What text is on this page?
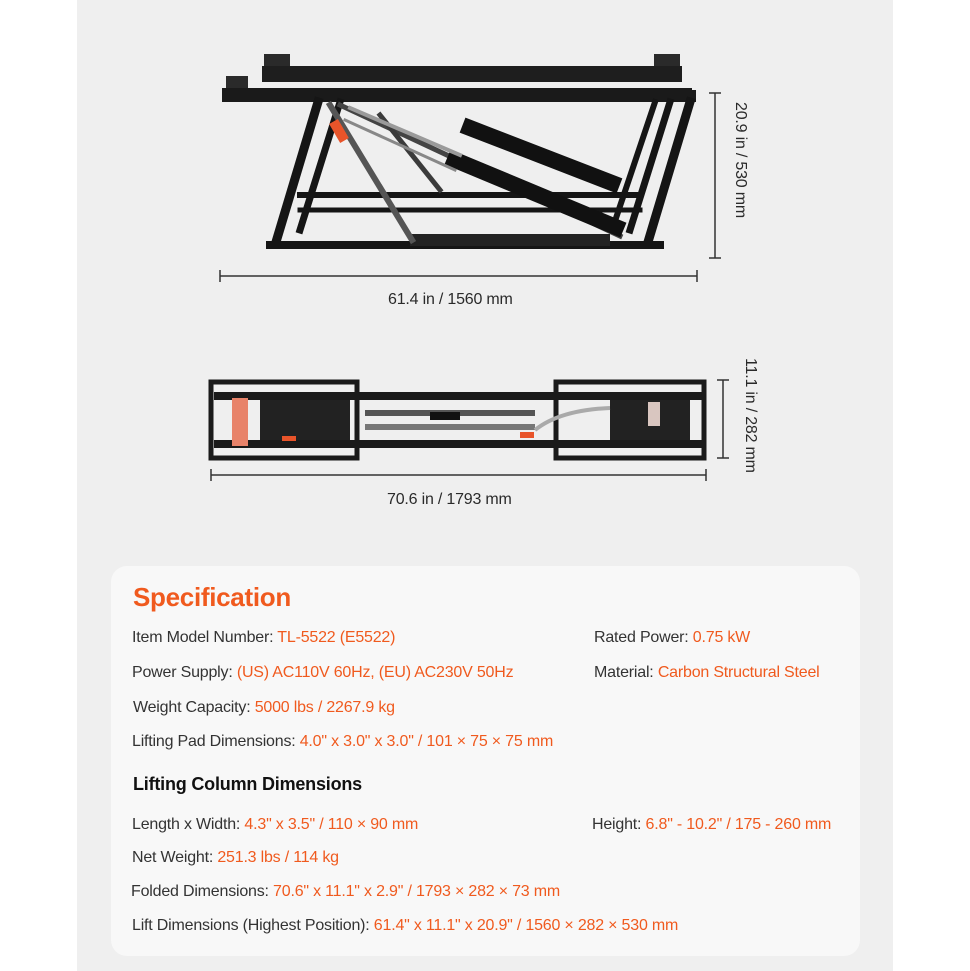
20.9 in / 530 mm
61.4 in / 1560 mm
11.1 in / 282 mm
70.6 in / 1793 mm
Specification
Item Model Number: TL-5522 (E5522)	Rated Power: 0.75 kW
Power Supply: (US) AC110V 60Hz, (EU) AC230V 50Hz	Material: Carbon Structural Steel
Weight Capacity: 5000 lbs / 2267.9 kg
Lifting Pad Dimensions: 4.0" x 3.0" x 3.0" / 101 × 75 × 75 mm
Lifting Column Dimensions
Length x Width: 4.3" x 3.5" / 110 × 90 mm	Height: 6.8" - 10.2" / 175 - 260 mm
Net Weight: 251.3 lbs / 114 kg
Folded Dimensions: 70.6" x 11.1" x 2.9" / 1793 × 282 × 73 mm
Lift Dimensions (Highest Position): 61.4" x 11.1" x 20.9" / 1560 × 282 × 530 mm
